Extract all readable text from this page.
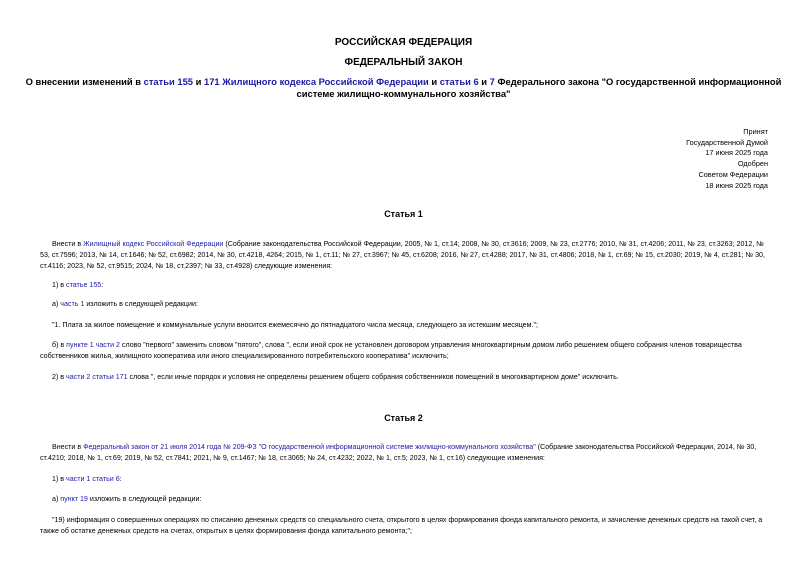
РОССИЙСКАЯ ФЕДЕРАЦИЯ
ФЕДЕРАЛЬНЫЙ ЗАКОН
О внесении изменений в статьи 155 и 171 Жилищного кодекса Российской Федерации и статьи 6 и 7 Федерального закона "О государственной информационной системе жилищно-коммунального хозяйства"
Принят
Государственной Думой
17 июня 2025 года
Одобрен
Советом Федерации
18 июня 2025 года
Статья 1
Внести в Жилищный кодекс Российской Федерации (Собрание законодательства Российской Федерации, 2005, № 1, ст.14; 2008, № 30, ст.3616; 2009, № 23, ст.2776; 2010, № 31, ст.4206; 2011, № 23, ст.3263; 2012, № 53, ст.7596; 2013, № 14, ст.1646; № 52, ст.6982; 2014, № 30, ст.4218, 4264; 2015, № 1, ст.11; № 27, ст.3967; № 45, ст.6208; 2016, № 27, ст.4288; 2017, № 31, ст.4806; 2018, № 1, ст.69; № 15, ст.2030; 2019, № 4, ст.281; № 30, ст.4116; 2023, № 52, ст.9515; 2024, № 18, ст.2397; № 33, ст.4928) следующие изменения:
1) в статье 155:
а) часть 1 изложить в следующей редакции:
"1. Плата за жилое помещение и коммунальные услуги вносится ежемесячно до пятнадцатого числа месяца, следующего за истекшим месяцем.";
б) в пункте 1 части 2 слово "первого" заменить словом "пятого", слова ", если иной срок не установлен договором управления многоквартирным домом либо решением общего собрания членов товарищества собственников жилья, жилищного кооператива или иного специализированного потребительского кооператива" исключить;
2) в части 2 статьи 171 слова ", если иные порядок и условия не определены решением общего собрания собственников помещений в многоквартирном доме" исключить.
Статья 2
Внести в Федеральный закон от 21 июля 2014 года № 209-ФЗ "О государственной информационной системе жилищно-коммунального хозяйства" (Собрание законодательства Российской Федерации, 2014, № 30, ст.4210; 2018, № 1, ст.69; 2019, № 52, ст.7841; 2021, № 9, ст.1467; № 18, ст.3065; № 24, ст.4232; 2022, № 1, ст.5; 2023, № 1, ст.16) следующие изменения:
1) в части 1 статьи 6:
а) пункт 19 изложить в следующей редакции:
"19) информация о совершенных операциях по списанию денежных средств со специального счета, открытого в целях формирования фонда капитального ремонта, и зачисление денежных средств на такой счет, а также об остатке денежных средств на счетах, открытых в целях формирования фонда капитального ремонта;";
